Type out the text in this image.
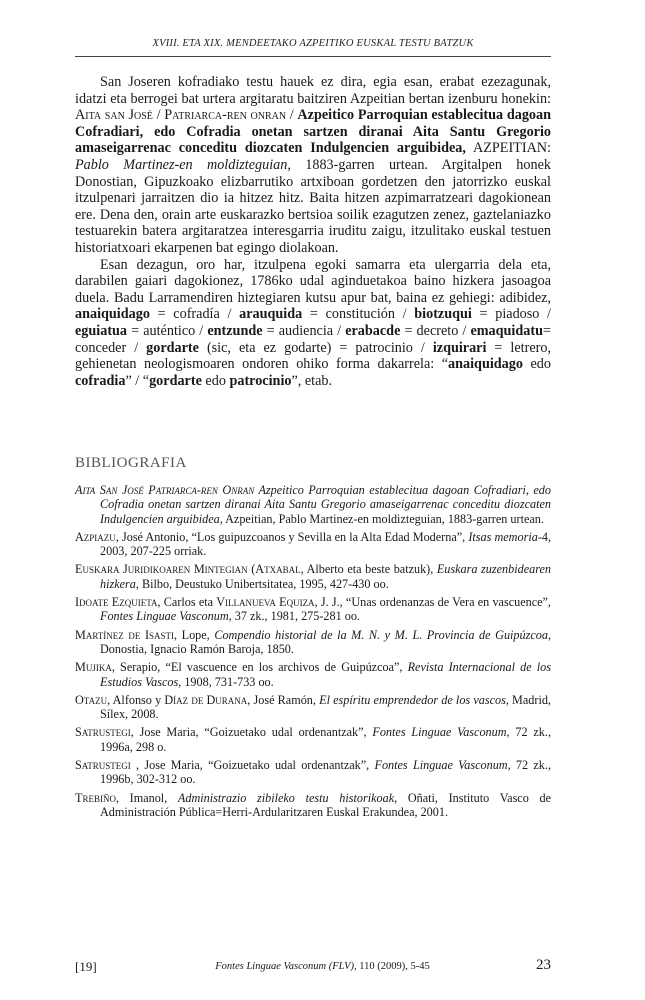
XVIII. ETA XIX. MENDEETAKO AZPEITIKO EUSKAL TESTU BATZUK

San Joseren kofradiako testu hauek ez dira, egia esan, erabat ezezagunak, idatzi eta berrogei bat urtera argitaratu baitziren Azpeitian bertan izenburu honekin: Aita san José / Patriarca-ren onran / Azpeitico Parroquian establecitua dagoan Cofradiari, edo Cofradia onetan sartzen diranai Aita Santu Gregorio amaseigarrenac conceditu diozcaten Indulgencien arguibidea, AZPEITIAN: Pablo Martinez-en moldizteguian, 1883-garren urtean. Argitalpen honek Donostian, Gipuzkoako elizbarrutiko artxiboan gordetzen den jatorrizko euskal itzulpenari jarraitzen dio ia hitzez hitz. Baita hitzen azpimarratzeari dagokionean ere. Dena den, orain arte euskarazko bertsioa soilik ezagutzen zenez, gaztelaniazko testuarekin batera argitaratzea interesgarria iruditu zaigu, itzulitako euskal testuen historiatxoari ekarpenen bat egingo diolakoan.

Esan dezagun, oro har, itzulpena egoki samarra eta ulergarria dela eta, darabilen gaiari dagokionez, 1786ko udal aginduetakoa baino hizkera jasoagoa duela. Badu Larramendiren hiztegiaren kutsu apur bat, baina ez gehiegi: adibidez, anaiquidago = cofradía / arauquida = constitución / biotzuqui = piadoso / eguiatua = auténtico / entzunde = audiencia / erabacde = decreto / emaquidatu= conceder / gordarte (sic, eta ez godarte) = patrocinio / izquirari = letrero, gehienetan neologismoaren ondoren ohiko forma dakarrela: “anaiquidago edo cofradia” / “gordarte edo patrocinio”, etab.

BIBLIOGRAFIA
Aita San José Patriarca-ren Onran Azpeitico Parroquian establecitua dagoan Cofradiari, edo Cofradia onetan sartzen diranai Aita Santu Gregorio amaseigarrenac conceditu diozcaten Indulgencien arguibidea, Azpeitian, Pablo Martinez-en moldizteguian, 1883-garren urtean.
Azpiazu, José Antonio, “Los guipuzcoanos y Sevilla en la Alta Edad Moderna”, Itsas memoria-4, 2003, 207-225 orriak.
Euskara Juridikoaren Mintegian (Atxabal, Alberto eta beste batzuk), Euskara zuzenbidearen hizkera, Bilbo, Deustuko Unibertsitatea, 1995, 427-430 oo.
Idoate Ezquieta, Carlos eta Villanueva Equiza, J. J., “Unas ordenanzas de Vera en vascuence”, Fontes Linguae Vasconum, 37 zk., 1981, 275-281 oo.
Martínez de Isasti, Lope, Compendio historial de la M. N. y M. L. Provincia de Guipúzcoa, Donostia, Ignacio Ramón Baroja, 1850.
Mujika, Serapio, “El vascuence en los archivos de Guipúzcoa”, Revista Internacional de los Estudios Vascos, 1908, 731-733 oo.
Otazu, Alfonso y Díaz de Durana, José Ramón, El espíritu emprendedor de los vascos, Madrid, Sílex, 2008.
Satrustegi, Jose Maria, “Goizuetako udal ordenantzak”, Fontes Linguae Vasconum, 72 zk., 1996a, 298 o.
Satrustegi , Jose Maria, “Goizuetako udal ordenantzak”, Fontes Linguae Vasconum, 72 zk., 1996b, 302-312 oo.
Trebiño, Imanol, Administrazio zibileko testu historikoak, Oñati, Instituto Vasco de Administración Pública=Herri-Ardularitzaren Euskal Erakundea, 2001.
[19]	Fontes Linguae Vasconum (FLV), 110 (2009), 5-45	23
